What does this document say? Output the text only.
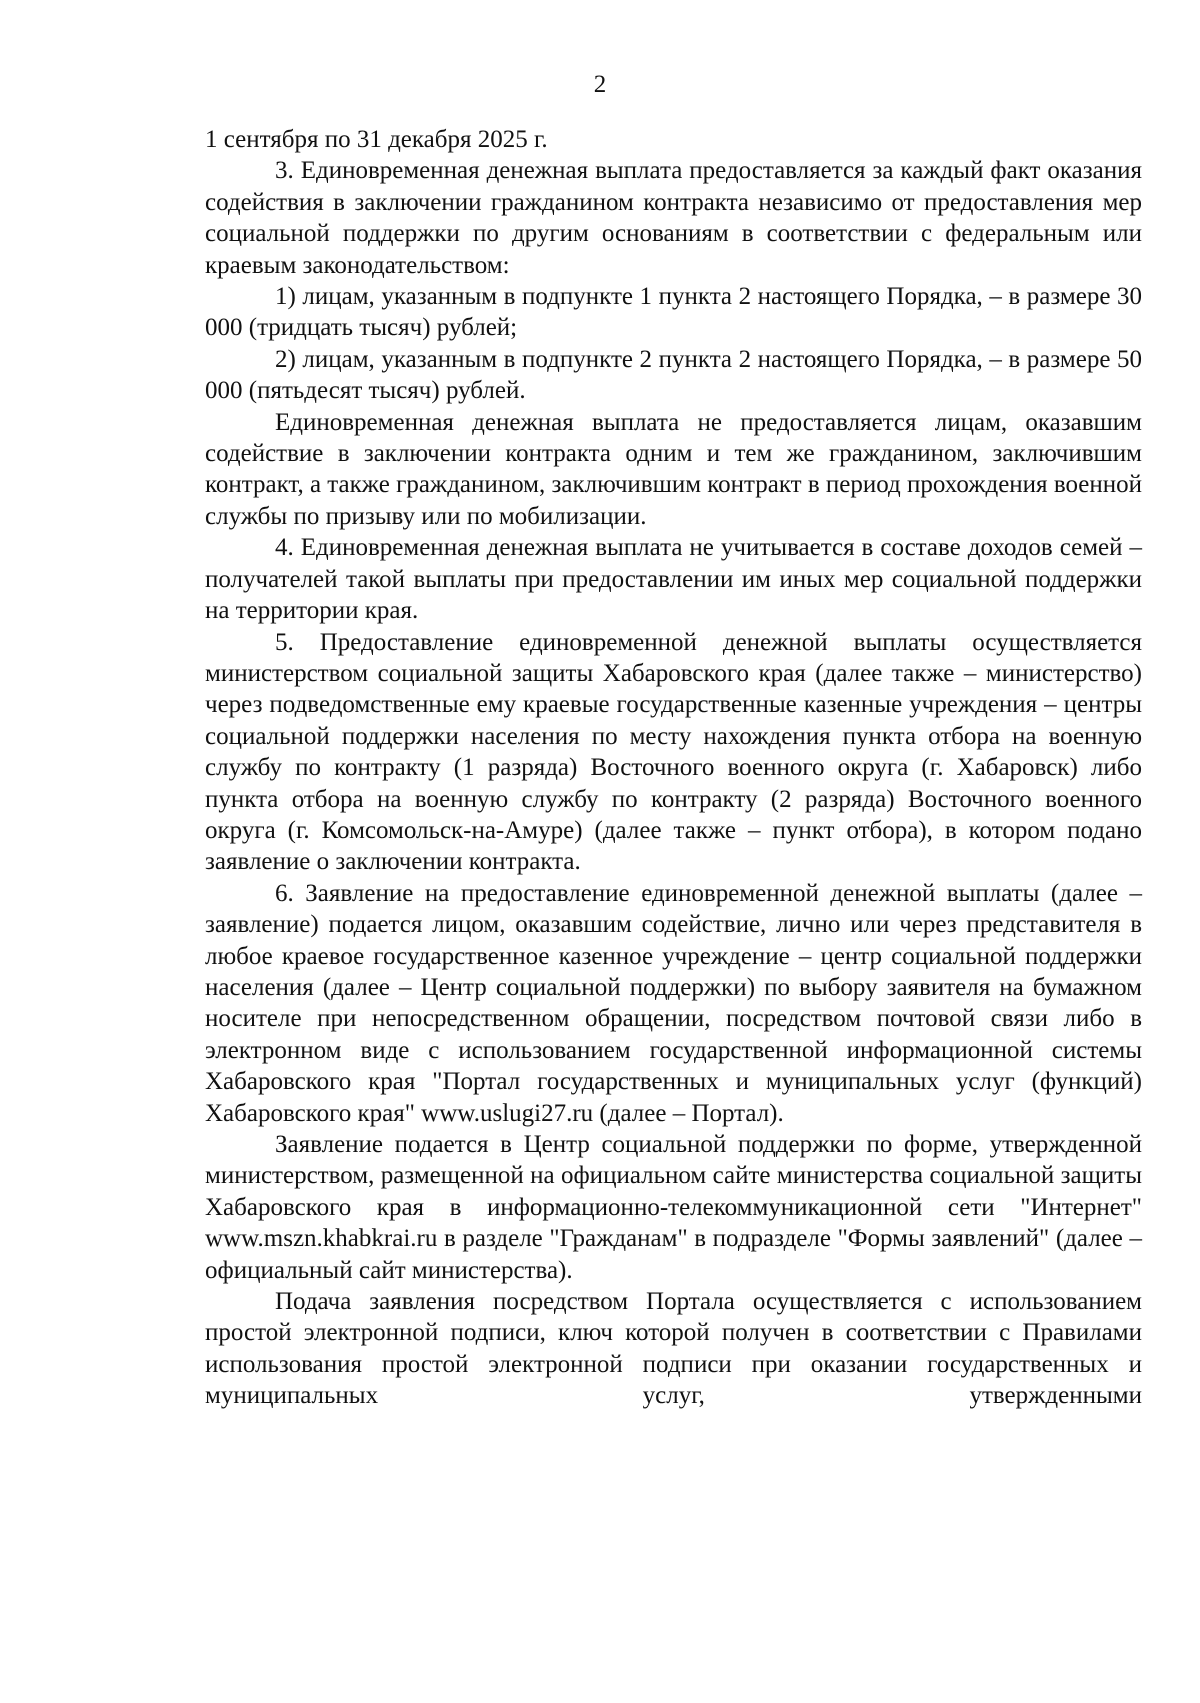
2

1 сентября по 31 декабря 2025 г.

3. Единовременная денежная выплата предоставляется за каждый факт оказания содействия в заключении гражданином контракта независимо от предоставления мер социальной поддержки по другим основаниям в соответствии с федеральным или краевым законодательством:

1) лицам, указанным в подпункте 1 пункта 2 настоящего Порядка, – в размере 30 000 (тридцать тысяч) рублей;

2) лицам, указанным в подпункте 2 пункта 2 настоящего Порядка, – в размере 50 000 (пятьдесят тысяч) рублей.

Единовременная денежная выплата не предоставляется лицам, оказавшим содействие в заключении контракта одним и тем же гражданином, заключившим контракт, а также гражданином, заключившим контракт в период прохождения военной службы по призыву или по мобилизации.

4. Единовременная денежная выплата не учитывается в составе доходов семей – получателей такой выплаты при предоставлении им иных мер социальной поддержки на территории края.

5. Предоставление единовременной денежной выплаты осуществляется министерством социальной защиты Хабаровского края (далее также – министерство) через подведомственные ему краевые государственные казенные учреждения – центры социальной поддержки населения по месту нахождения пункта отбора на военную службу по контракту (1 разряда) Восточного военного округа (г. Хабаровск) либо пункта отбора на военную службу по контракту (2 разряда) Восточного военного округа (г. Комсомольск-на-Амуре) (далее также – пункт отбора), в котором подано заявление о заключении контракта.

6. Заявление на предоставление единовременной денежной выплаты (далее – заявление) подается лицом, оказавшим содействие, лично или через представителя в любое краевое государственное казенное учреждение – центр социальной поддержки населения (далее – Центр социальной поддержки) по выбору заявителя на бумажном носителе при непосредственном обращении, посредством почтовой связи либо в электронном виде с использованием государственной информационной системы Хабаровского края "Портал государственных и муниципальных услуг (функций) Хабаровского края" www.uslugi27.ru (далее – Портал).

Заявление подается в Центр социальной поддержки по форме, утвержденной министерством, размещенной на официальном сайте министерства социальной защиты Хабаровского края в информационно-телекоммуникационной сети "Интернет" www.mszn.khabkrai.ru в разделе "Гражданам" в подразделе "Формы заявлений" (далее – официальный сайт министерства).

Подача заявления посредством Портала осуществляется с использованием простой электронной подписи, ключ которой получен в соответствии с Правилами использования простой электронной подписи при оказании государственных и муниципальных услуг, утвержденными
